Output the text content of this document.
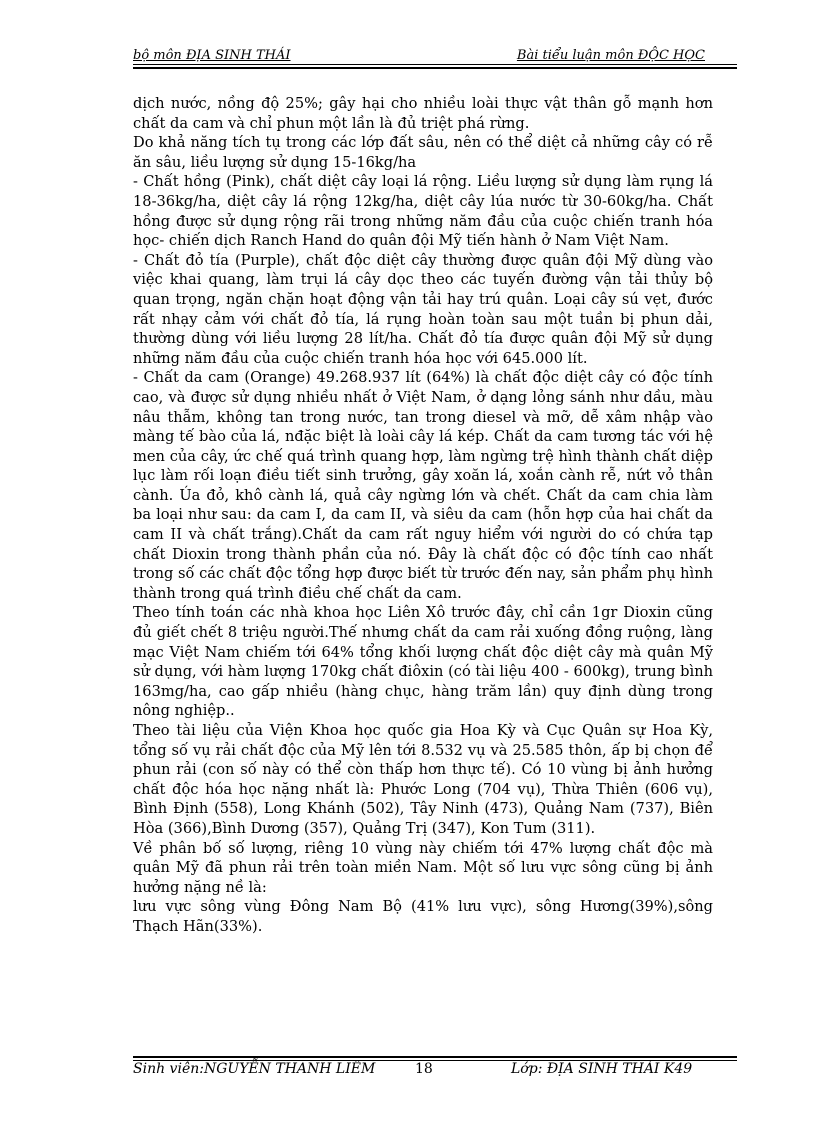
bộ môn ĐỊA SINH THÁI	Bài tiểu luận môn ĐỘC HỌC

dịch nước, nồng độ 25%; gây hại cho nhiều loài thực vật thân gỗ mạnh hơn chất da cam và chỉ phun một lần là đủ triệt phá rừng.

Do khả năng tích tụ trong các lớp đất sâu, nên có thể diệt cả những cây có rễ ăn sâu, liều lượng sử dụng 15-16kg/ha

- Chất hồng (Pink), chất diệt cây loại lá rộng. Liều lượng sử dụng làm rụng lá 18-36kg/ha, diệt cây lá rộng 12kg/ha, diệt cây lúa nước từ 30-60kg/ha. Chất hồng được sử dụng rộng rãi trong những năm đầu của cuộc chiến tranh hóa học- chiến dịch Ranch Hand do quân đội Mỹ tiến hành ở Nam Việt Nam.

- Chất đỏ tía (Purple), chất độc diệt cây thường được quân đội Mỹ dùng vào việc khai quang, làm trụi lá cây dọc theo các tuyến đường vận tải thủy bộ quan trọng, ngăn chặn hoạt động vận tải hay trú quân. Loại cây sú vẹt, đước rất nhạy cảm với chất đỏ tía, lá rụng hoàn toàn sau một tuần bị phun dải, thường dùng với liều lượng 28 lít/ha. Chất đỏ tía được quân đội Mỹ sử dụng những năm đầu của cuộc chiến tranh hóa học với 645.000 lít.

- Chất da cam (Orange) 49.268.937 lít (64%) là chất độc diệt cây có độc tính cao, và được sử dụng nhiều nhất ở Việt Nam, ở dạng lỏng sánh như dầu, màu nâu thẫm, không tan trong nước, tan trong diesel và mỡ, dễ xâm nhập vào màng tế bào của lá, nđặc biệt là loài cây lá kép. Chất da cam tương tác với hệ men của cây, ức chế quá trình quang hợp, làm ngừng trệ hình thành chất diệp lục làm rối loạn điều tiết sinh trưởng, gây xoăn lá, xoắn cành rễ, nứt vỏ thân cành. Úa đỏ, khô cành lá, quả cây ngừng lớn và chết. Chất da cam chia làm ba loại như sau: da cam I, da cam II, và siêu da cam (hỗn hợp của hai chất da cam II và chất trắng).Chất da cam rất nguy hiểm với người do có chứa tạp chất Dioxin trong thành phần của nó. Đây là chất độc có độc tính cao nhất trong số các chất độc tổng hợp được biết từ trước đến nay, sản phẩm phụ hình thành trong quá trình điều chế chất da cam.

Theo tính toán các nhà khoa học Liên Xô trước đây, chỉ cần 1gr Dioxin cũng đủ giết chết 8 triệu người.Thế nhưng chất da cam rải xuống đồng ruộng, làng mạc Việt Nam chiếm tới 64% tổng khối lượng chất độc diệt cây mà quân Mỹ sử dụng, với hàm lượng 170kg chất điôxin (có tài liệu 400 - 600kg), trung bình 163mg/ha, cao gấp nhiều (hàng chục, hàng trăm lần) quy định dùng trong nông nghiệp..

Theo tài liệu của Viện Khoa học quốc gia Hoa Kỳ và Cục Quân sự Hoa Kỳ, tổng số vụ rải chất độc của Mỹ lên tới 8.532 vụ và 25.585 thôn, ấp bị chọn để phun rải (con số này có thể còn thấp hơn thực tế). Có 10 vùng bị ảnh hưởng chất độc hóa học nặng nhất là: Phước Long (704 vụ), Thừa Thiên (606 vụ), Bình Định (558), Long Khánh (502), Tây Ninh (473), Quảng Nam (737), Biên Hòa (366),Bình Dương (357), Quảng Trị (347), Kon Tum (311).

Về phân bố số lượng, riêng 10 vùng này chiếm tới 47% lượng chất độc mà quân Mỹ đã phun rải trên toàn miền Nam. Một số lưu vực sông cũng bị ảnh hưởng nặng nề là:

lưu vực sông vùng Đông Nam Bộ (41% lưu vực), sông Hương(39%),sông Thạch Hãn(33%).

Sinh viên:NGUYỄN THANH LIÊM	18	Lớp: ĐỊA SINH THÁI K49
